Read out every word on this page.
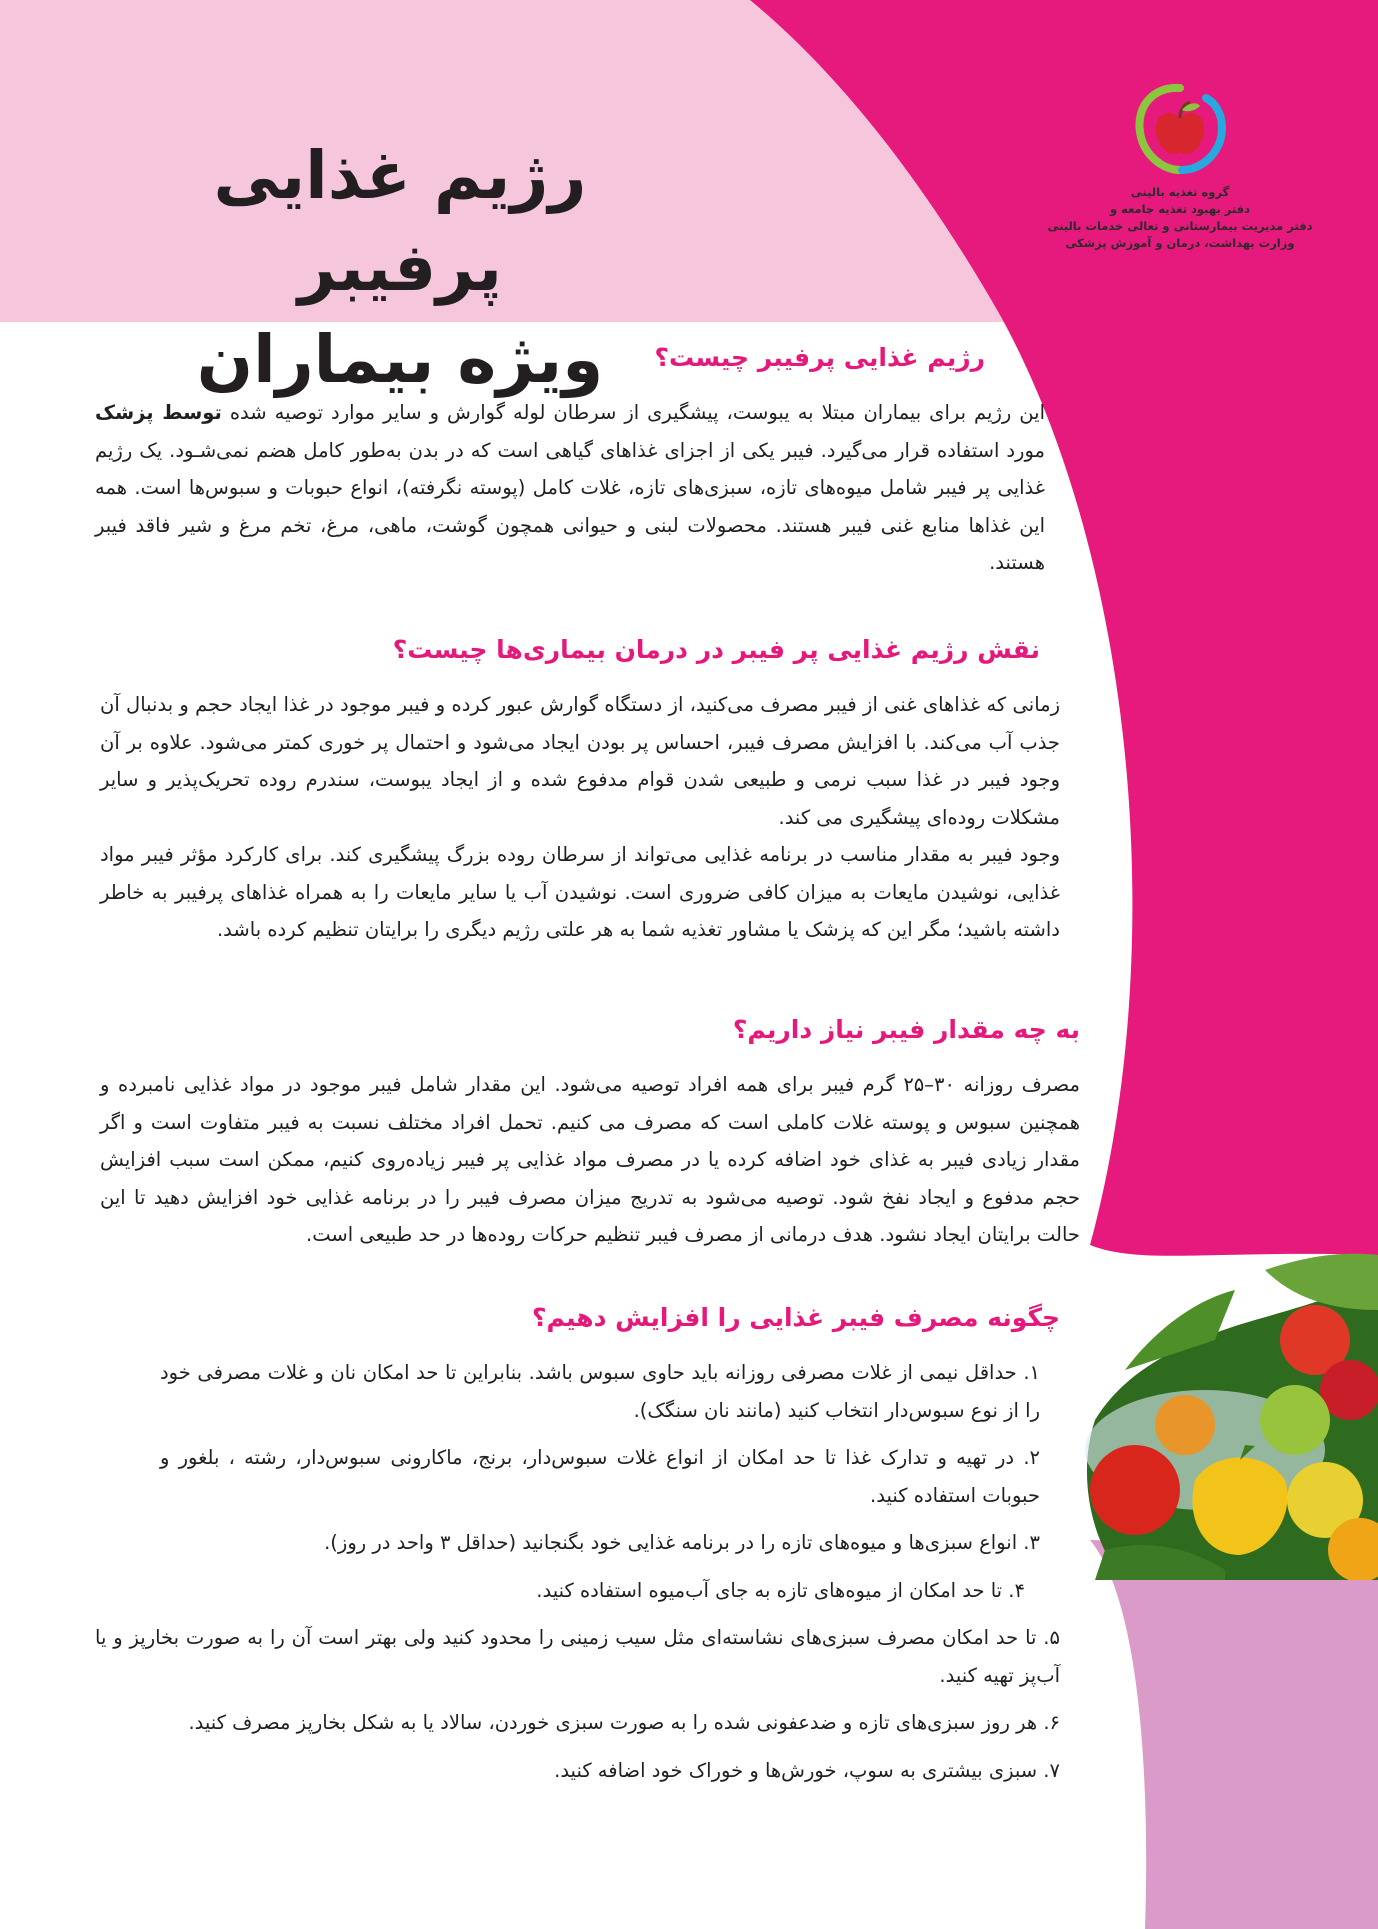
رژیم غذایی پرفیبر
ویژه بیماران
گروه تغذیه بالینی
دفتر بهبود تغذیه جامعه و
دفتر مدیریت بیمارستانی و تعالی خدمات بالینی
وزارت بهداشت، درمان و آموزش پزشکی
رژیم غذایی پرفیبر چیست؟

این رژیم برای بیماران مبتلا به یبوست، پیشگیری از سرطان لوله گوارش و سایر موارد توصیه شده توسط پزشک مورد استفاده قرار می‌گیرد. فیبر یکی از اجزای غذاهای گیاهی است که در بدن به‌طور کامل هضم نمی‌شـود. یک رژیم غذایی پر فیبر شامل میوه‌های تازه، سبزی‌های تازه، غلات کامل (پوسته نگرفته)، انواع حبوبات و سبوس‌ها است. همه این غذاها منابع غنی فیبر هستند. محصولات لبنی و حیوانی همچون گوشت، ماهی، مرغ، تخم مرغ و شیر فاقد فیبر هستند.

نقش رژیم غذایی پر فیبر در درمان بیماری‌ها چیست؟

زمانی که غذاهای غنی از فیبر مصرف می‌کنید، از دستگاه گوارش عبور کرده و فیبر موجود در غذا ایجاد حجم و بدنبال آن جذب آب می‌کند. با افزایش مصرف فیبر، احساس پر بودن ایجاد می‌شود و احتمال پر خوری کمتر می‌شود. علاوه بر آن وجود فیبر در غذا سبب نرمی و طبیعی شدن قوام مدفوع شده و از ایجاد یبوست، سندرم روده تحریک‌پذیر و سایر مشکلات روده‌ای پیشگیری می کند.

وجود فیبر به مقدار مناسب در برنامه غذایی می‌تواند از سرطان روده بزرگ پیشگیری کند. برای کارکرد مؤثر فیبر مواد غذایی، نوشیدن مایعات به میزان کافی ضروری است. نوشیدن آب یا سایر مایعات را به همراه غذاهای پرفیبر به خاطر داشته باشید؛ مگر این که پزشک یا مشاور تغذیه شما به هر علتی رژیم دیگری را برایتان تنظیم کرده باشد.

به چه مقدار فیبر نیاز داریم؟

مصرف روزانه ۳۰–۲۵ گرم فیبر برای همه افراد توصیه می‌شود. این مقدار شامل فیبر موجود در مواد غذایی نامبرده و همچنین سبوس و پوسته غلات کاملی است که مصرف می کنیم. تحمل افراد مختلف نسبت به فیبر متفاوت است و اگر مقدار زیادی فیبر به غذای خود اضافه کرده یا در مصرف مواد غذایی پر فیبر زیاده‌روی کنیم، ممکن است سبب افزایش حجم مدفوع و ایجاد نفخ شود. توصیه می‌شود به تدریج میزان مصرف فیبر را در برنامه غذایی خود افزایش دهید تا این حالت برایتان ایجاد نشود. هدف درمانی از مصرف فیبر تنظیم حرکات روده‌ها در حد طبیعی است.

چگونه مصرف فیبر غذایی را افزایش دهیم؟
۱. حداقل نیمی از غلات مصرفی روزانه باید حاوی سبوس باشد. بنابراین تا حد امکان نان و غلات مصرفی خود را از نوع سبوس‌دار انتخاب کنید (مانند نان سنگک).
۲. در تهیه و تدارک غذا تا حد امکان از انواع غلات سبوس‌دار، برنج، ماکارونی سبوس‌دار، رشته ، بلغور و حبوبات استفاده کنید.
۳. انواع سبزی‌ها و میوه‌های تازه را در برنامه غذایی خود بگنجانید (حداقل ۳ واحد در روز).
۴. تا حد امکان از میوه‌های تازه به جای آب‌میوه استفاده کنید.
۵. تا حد امکان مصرف سبزی‌های نشاسته‌ای مثل سیب زمینی را محدود کنید ولی بهتر است آن را به صورت بخارپز و یا آب‌پز تهیه کنید.
۶. هر روز سبزی‌های تازه و ضدعفونی شده را به صورت سبزی خوردن، سالاد یا به شکل بخارپز مصرف کنید.
۷. سبزی بیشتری به سوپ، خورش‌ها و خوراک خود اضافه کنید.
